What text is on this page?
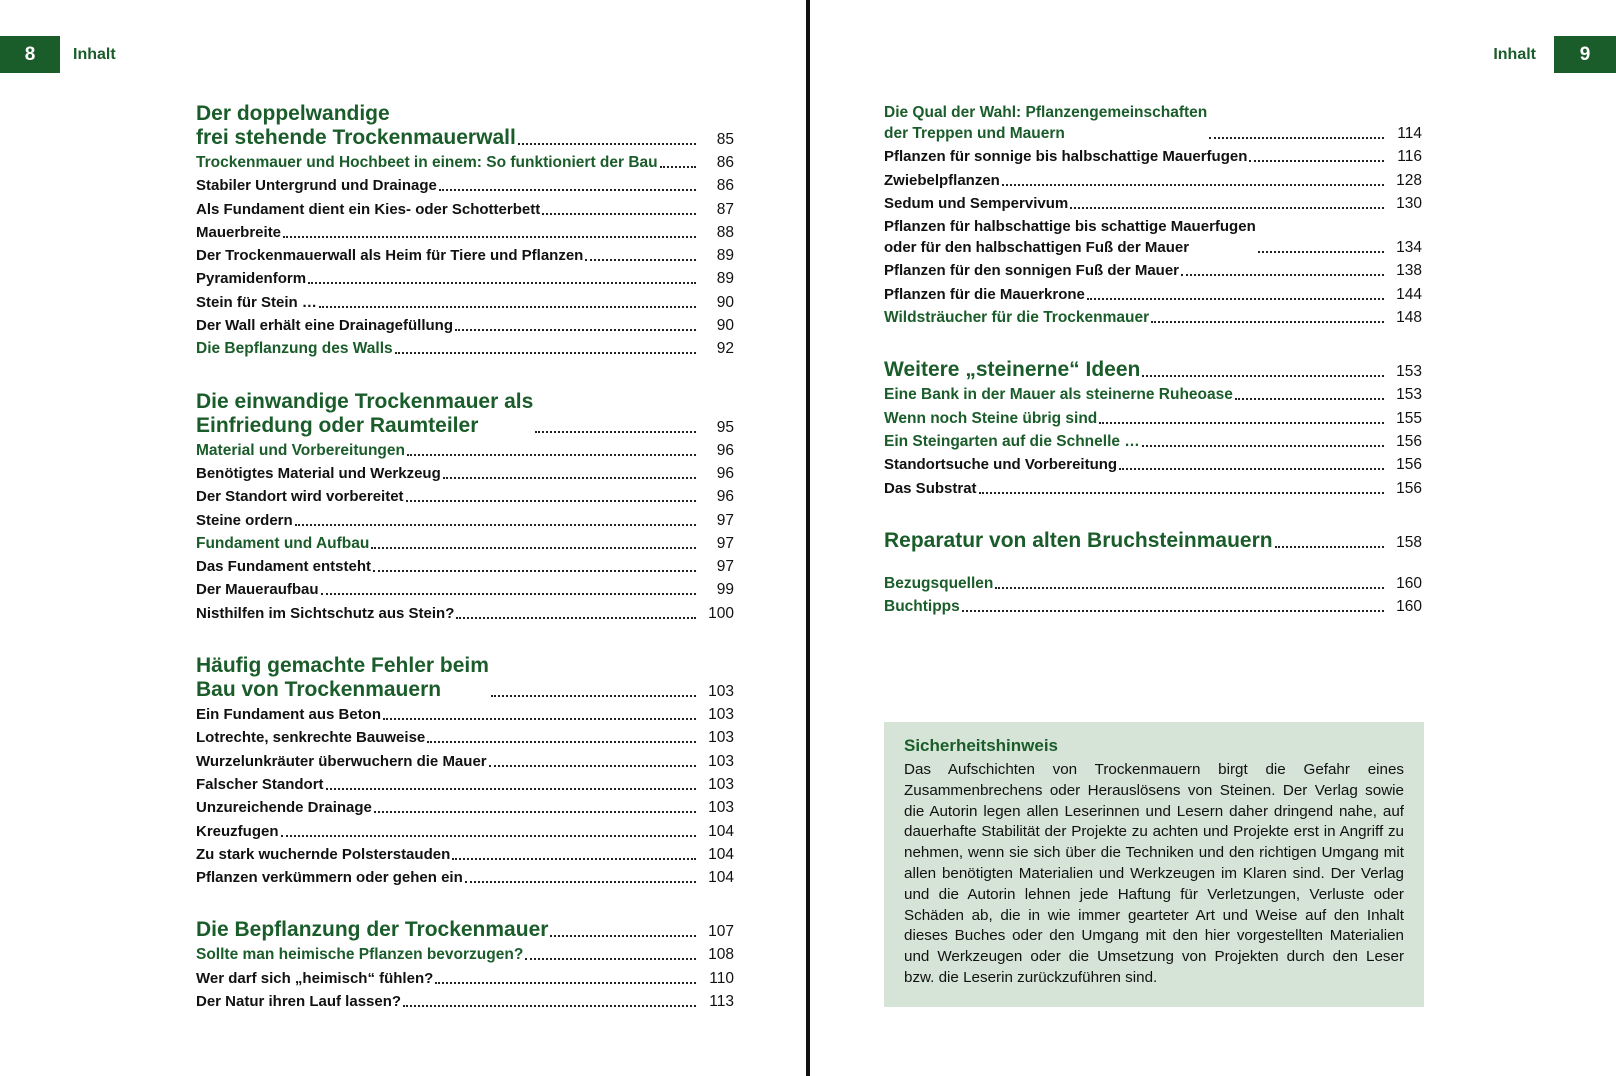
8	Inhalt
Der doppelwandige
frei stehende Trockenmauerwall	85
Trockenmauer und Hochbeet in einem: So funktioniert der Bau	86
Stabiler Untergrund und Drainage	86
Als Fundament dient ein Kies- oder Schotterbett	87
Mauerbreite	88
Der Trockenmauerwall als Heim für Tiere und Pflanzen	89
Pyramidenform	89
Stein für Stein …	90
Der Wall erhält eine Drainagefüllung	90
Die Bepflanzung des Walls	92
Die einwandige Trockenmauer als
Einfriedung oder Raumteiler	95
Material und Vorbereitungen	96
Benötigtes Material und Werkzeug	96
Der Standort wird vorbereitet	96
Steine ordern	97
Fundament und Aufbau	97
Das Fundament entsteht	97
Der Maueraufbau	99
Nisthilfen im Sichtschutz aus Stein?	100
Häufig gemachte Fehler beim
Bau von Trockenmauern	103
Ein Fundament aus Beton	103
Lotrechte, senkrechte Bauweise	103
Wurzelunkräuter überwuchern die Mauer	103
Falscher Standort	103
Unzureichende Drainage	103
Kreuzfugen	104
Zu stark wuchernde Polsterstauden	104
Pflanzen verkümmern oder gehen ein	104
Die Bepflanzung der Trockenmauer	107
Sollte man heimische Pflanzen bevorzugen?	108
Wer darf sich „heimisch“ fühlen?	110
Der Natur ihren Lauf lassen?	113
9
Inhalt
Die Qual der Wahl: Pflanzengemeinschaften
der Treppen und Mauern	114
Pflanzen für sonnige bis halbschattige Mauerfugen	116
Zwiebelpflanzen	128
Sedum und Sempervivum	130
Pflanzen für halbschattige bis schattige Mauerfugen
oder für den halbschattigen Fuß der Mauer	134
Pflanzen für den sonnigen Fuß der Mauer	138
Pflanzen für die Mauerkrone	144
Wildsträucher für die Trockenmauer	148
Weitere „steinerne“ Ideen	153
Eine Bank in der Mauer als steinerne Ruheoase	153
Wenn noch Steine übrig sind	155
Ein Steingarten auf die Schnelle …	156
Standortsuche und Vorbereitung	156
Das Substrat	156
Reparatur von alten Bruchsteinmauern	158
Bezugsquellen	160
Buchtipps	160
Sicherheitshinweis
Das Aufschichten von Trockenmauern birgt die Gefahr eines Zusammenbrechens oder Herauslösens von Steinen. Der Verlag sowie die Autorin legen allen Leserinnen und Lesern daher dringend nahe, auf dauerhafte Stabilität der Projekte zu achten und Projekte erst in Angriff zu nehmen, wenn sie sich über die Techniken und den richtigen Umgang mit allen benötigten Materialien und Werkzeugen im Klaren sind. Der Verlag und die Autorin lehnen jede Haftung für Verletzungen, Verluste oder Schäden ab, die in wie immer gearteter Art und Weise auf den Inhalt dieses Buches oder den Umgang mit den hier vorgestellten Materialien und Werkzeugen oder die Umsetzung von Projekten durch den Leser bzw. die Leserin zurückzuführen sind.
